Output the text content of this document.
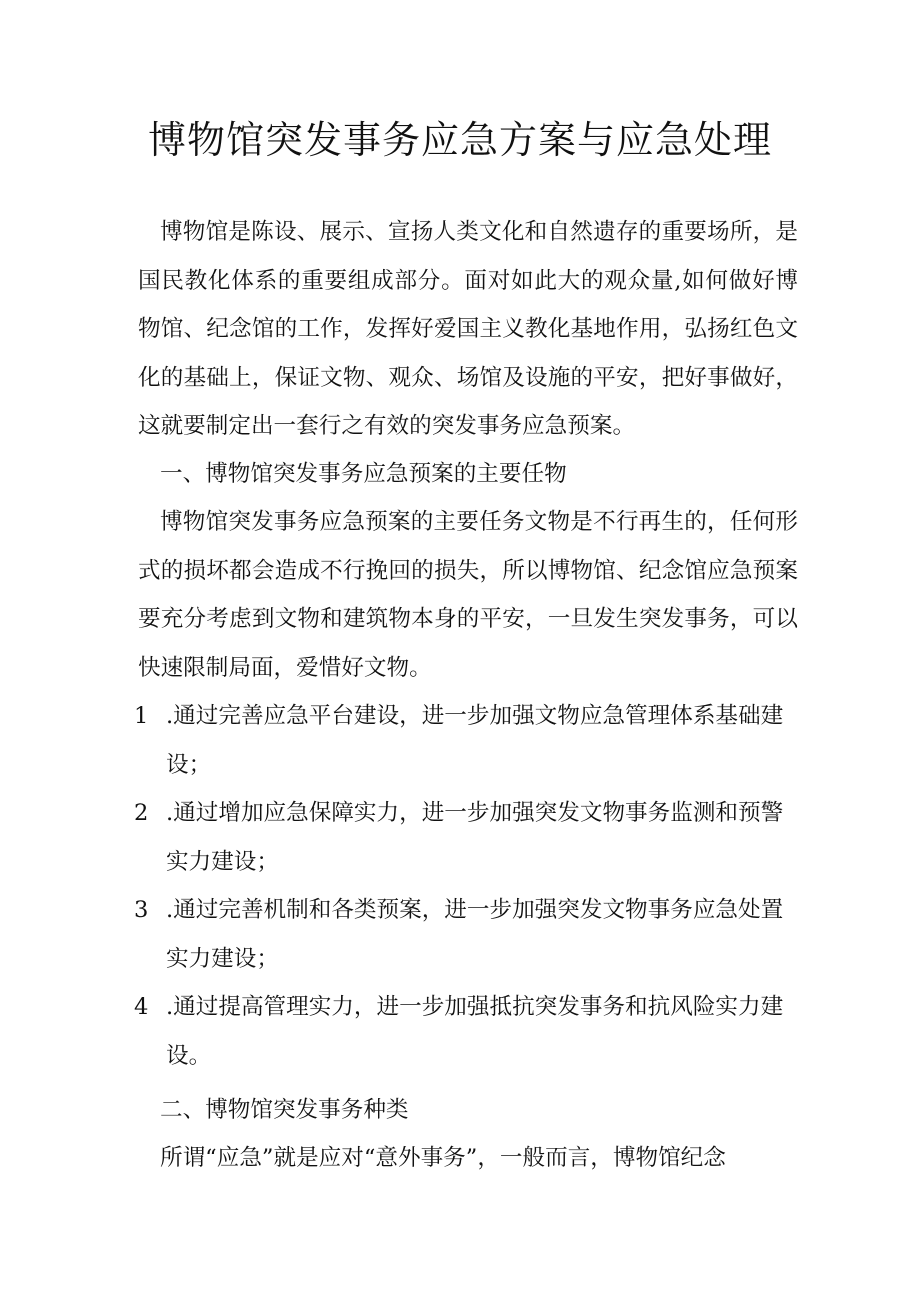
博物馆突发事务应急方案与应急处理
博物馆是陈设、展示、宣扬人类文化和自然遗存的重要场所，是国民教化体系的重要组成部分。面对如此大的观众量,如何做好博物馆、纪念馆的工作，发挥好爱国主义教化基地作用，弘扬红色文化的基础上，保证文物、观众、场馆及设施的平安，把好事做好，这就要制定出一套行之有效的突发事务应急预案。
一、博物馆突发事务应急预案的主要任物
博物馆突发事务应急预案的主要任务文物是不行再生的，任何形式的损坏都会造成不行挽回的损失，所以博物馆、纪念馆应急预案要充分考虑到文物和建筑物本身的平安，一旦发生突发事务，可以快速限制局面，爱惜好文物。
1 .通过完善应急平台建设，进一步加强文物应急管理体系基础建设；
2 .通过增加应急保障实力，进一步加强突发文物事务监测和预警实力建设；
3 .通过完善机制和各类预案，进一步加强突发文物事务应急处置实力建设；
4 .通过提高管理实力，进一步加强抵抗突发事务和抗风险实力建设。
二、博物馆突发事务种类
所谓“应急”就是应对“意外事务”，一般而言，博物馆纪念
